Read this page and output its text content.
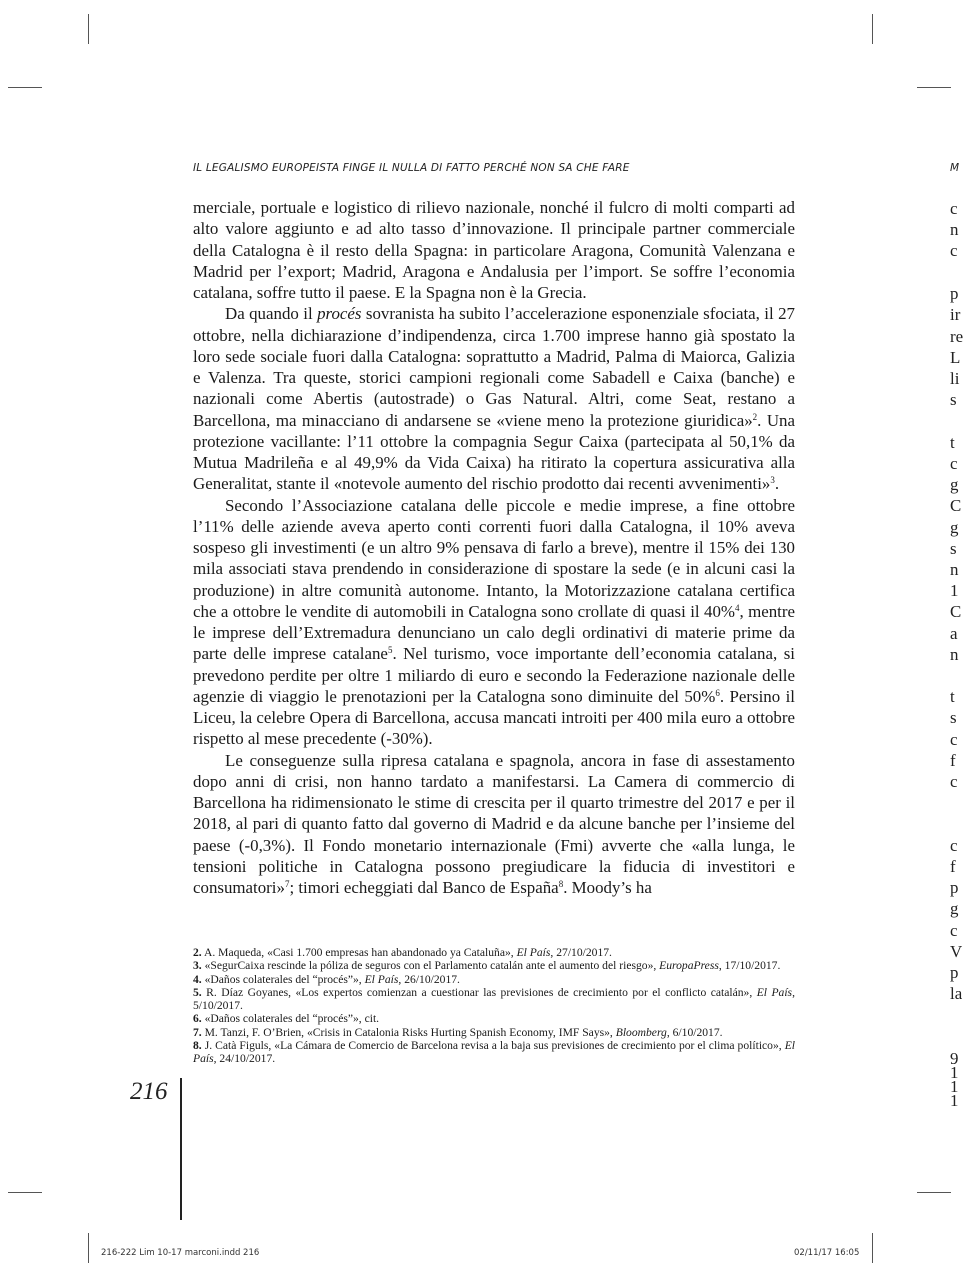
IL LEGALISMO EUROPEISTA FINGE IL NULLA DI FATTO PERCHÉ NON SA CHE FARE	M

merciale, portuale e logistico di rilievo nazionale, nonché il fulcro di molti comparti ad alto valore aggiunto e ad alto tasso d’innovazione. Il principale partner commerciale della Catalogna è il resto della Spagna: in particolare Aragona, Comunità Valenzana e Madrid per l’export; Madrid, Aragona e Andalusia per l’import. Se soffre l’economia catalana, soffre tutto il paese. E la Spagna non è la Grecia.

Da quando il procés sovranista ha subito l’accelerazione esponenziale sfociata, il 27 ottobre, nella dichiarazione d’indipendenza, circa 1.700 imprese hanno già spostato la loro sede sociale fuori dalla Catalogna: soprattutto a Madrid, Palma di Maiorca, Galizia e Valenza. Tra queste, storici campioni regionali come Sabadell e Caixa (banche) e nazionali come Abertis (autostrade) o Gas Natural. Altri, come Seat, restano a Barcellona, ma minacciano di andarsene se «viene meno la protezione giuridica»$^2$. Una protezione vacillante: l’11 ottobre la compagnia Segur Caixa (partecipata al 50,1% da Mutua Madrileña e al 49,9% da Vida Caixa) ha ritirato la copertura assicurativa alla Generalitat, stante il «notevole aumento del rischio prodotto dai recenti avvenimenti»$^3$.

Secondo l’Associazione catalana delle piccole e medie imprese, a fine ottobre l’11% delle aziende aveva aperto conti correnti fuori dalla Catalogna, il 10% aveva sospeso gli investimenti (e un altro 9% pensava di farlo a breve), mentre il 15% dei 130 mila associati stava prendendo in considerazione di spostare la sede (e in alcuni casi la produzione) in altre comunità autonome. Intanto, la Motorizzazione catalana certifica che a ottobre le vendite di automobili in Catalogna sono crollate di quasi il 40%$^4$, mentre le imprese dell’Extremadura denunciano un calo degli ordinativi di materie prime da parte delle imprese catalane$^5$. Nel turismo, voce importante dell’economia catalana, si prevedono perdite per oltre 1 miliardo di euro e secondo la Federazione nazionale delle agenzie di viaggio le prenotazioni per la Catalogna sono diminuite del 50%$^6$. Persino il Liceu, la celebre Opera di Barcellona, accusa mancati introiti per 400 mila euro a ottobre rispetto al mese precedente (-30%).

Le conseguenze sulla ripresa catalana e spagnola, ancora in fase di assestamento dopo anni di crisi, non hanno tardato a manifestarsi. La Camera di commercio di Barcellona ha ridimensionato le stime di crescita per il quarto trimestre del 2017 e per il 2018, al pari di quanto fatto dal governo di Madrid e da alcune banche per l’insieme del paese (-0,3%). Il Fondo monetario internazionale (Fmi) avverte che «alla lunga, le tensioni politiche in Catalogna possono pregiudicare la fiducia di investitori e consumatori»$^7$; timori echeggiati dal Banco de España$^8$. Moody’s ha

2. A. Maqueda, «Casi 1.700 empresas han abandonado ya Cataluña», El País, 27/10/2017.

3. «SegurCaixa rescinde la póliza de seguros con el Parlamento catalán ante el aumento del riesgo», EuropaPress, 17/10/2017.

4. «Daños colaterales del “procés”», El País, 26/10/2017.

5. R. Díaz Goyanes, «Los expertos comienzan a cuestionar las previsiones de crecimiento por el conflicto catalán», El País, 5/10/2017.

6. «Daños colaterales del “procés”», cit.

7. M. Tanzi, F. O’Brien, «Crisis in Catalonia Risks Hurting Spanish Economy, IMF Says», Bloomberg, 6/10/2017.

8. J. Catà Figuls, «La Cámara de Comercio de Barcelona revisa a la baja sus previsiones de crecimiento por el clima político», El País, 24/10/2017.

216
c
n
c
p
ir
re
L
li
s
t
c
g
C
g
s
n
1
C
a
n
t
s
c
f
c
c
f
p
g
c
V
p
la
9
1
1
1
216-222 Lim 10-17 marconi.indd 216	02/11/17 16:05
